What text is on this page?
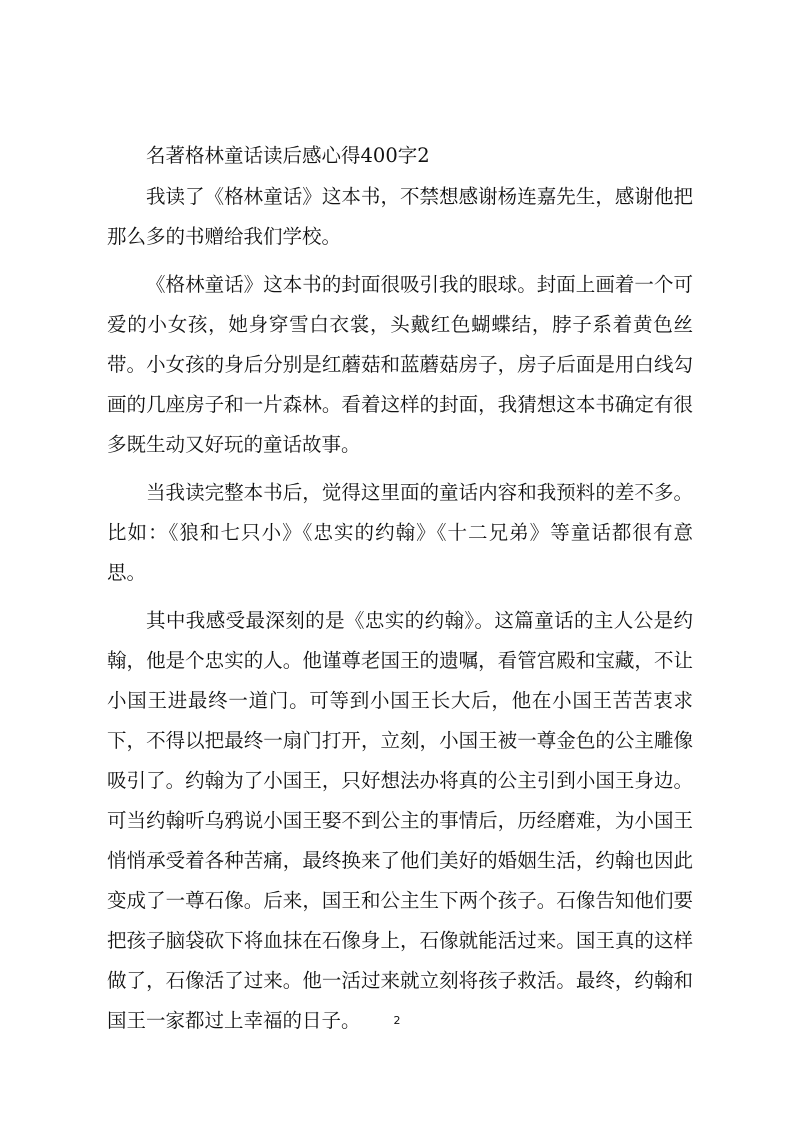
名著格林童话读后感心得400字2

我读了《格林童话》这本书，不禁想感谢杨连嘉先生，感谢他把那么多的书赠给我们学校。

《格林童话》这本书的封面很吸引我的眼球。封面上画着一个可爱的小女孩，她身穿雪白衣裳，头戴红色蝴蝶结，脖子系着黄色丝带。小女孩的身后分别是红蘑菇和蓝蘑菇房子，房子后面是用白线勾画的几座房子和一片森林。看着这样的封面，我猜想这本书确定有很多既生动又好玩的童话故事。

当我读完整本书后，觉得这里面的童话内容和我预料的差不多。比如：《狼和七只小》《忠实的约翰》《十二兄弟》等童话都很有意思。

其中我感受最深刻的是《忠实的约翰》。这篇童话的主人公是约翰，他是个忠实的人。他谨尊老国王的遗嘱，看管宫殿和宝藏，不让小国王进最终一道门。可等到小国王长大后，他在小国王苦苦衷求下，不得以把最终一扇门打开，立刻，小国王被一尊金色的公主雕像吸引了。约翰为了小国王，只好想法办将真的公主引到小国王身边。可当约翰听乌鸦说小国王娶不到公主的事情后，历经磨难，为小国王悄悄承受着各种苦痛，最终换来了他们美好的婚姻生活，约翰也因此变成了一尊石像。后来，国王和公主生下两个孩子。石像告知他们要把孩子脑袋砍下将血抹在石像身上，石像就能活过来。国王真的这样做了，石像活了过来。他一活过来就立刻将孩子救活。最终，约翰和国王一家都过上幸福的日子。	2
